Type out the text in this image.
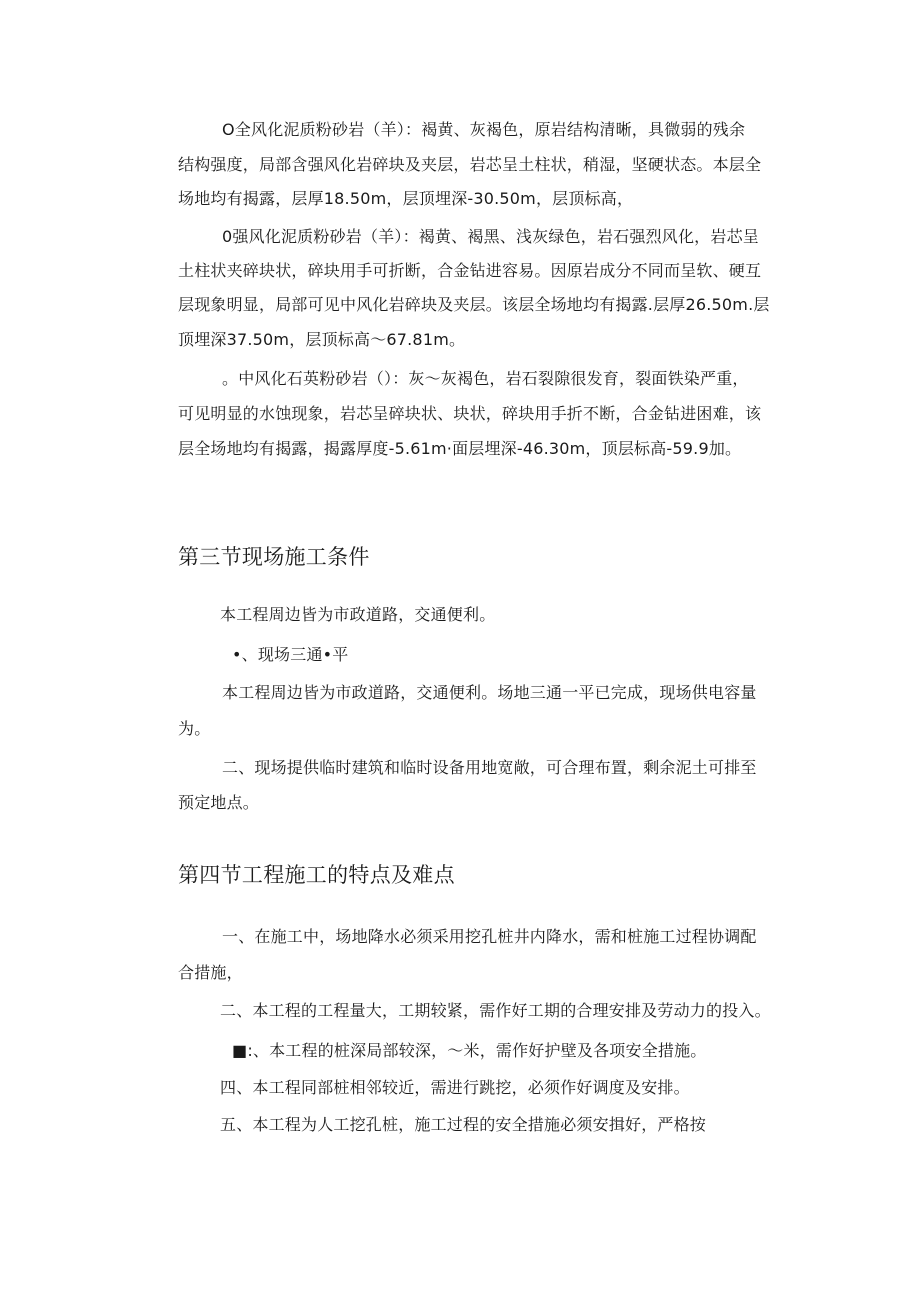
O全风化泥质粉砂岩（羊）：褐黄、灰褐色，原岩结构清晰，具微弱的残余

结构强度，局部含强风化岩碎块及夹层，岩芯呈土柱状，稍湿，坚硬状态。本层全

场地均有揭露，层厚18.50m，层顶埋深-30.50m，层顶标高，

0强风化泥质粉砂岩（羊）：褐黄、褐黑、浅灰绿色，岩石强烈风化，岩芯呈

土柱状夹碎块状，碎块用手可折断，合金钻进容易。因原岩成分不同而呈软、硬互

层现象明显，局部可见中风化岩碎块及夹层。该层全场地均有揭露.层厚26.50m.层

顶埋深37.50m，层顶标高～67.81m。

。中风化石英粉砂岩（）：灰～灰褐色，岩石裂隙很发育，裂面铁染严重，

可见明显的水蚀现象，岩芯呈碎块状、块状，碎块用手折不断，合金钻进困难，该

层全场地均有揭露，揭露厚度-5.61m·面层埋深-46.30m，顶层标高-59.9加。

第三节现场施工条件

本工程周边皆为市政道路，交通便利。

•、现场三通•平

本工程周边皆为市政道路，交通便利。场地三通一平已完成，现场供电容量

为。

二、现场提供临时建筑和临时设备用地宽敞，可合理布置，剩余泥土可排至

预定地点。

第四节工程施工的特点及难点

一、在施工中，场地降水必须采用挖孔桩井内降水，需和桩施工过程协调配

合措施，

二、本工程的工程量大，工期较紧，需作好工期的合理安排及劳动力的投入。

■:、本工程的桩深局部较深，～米，需作好护壁及各项安全措施。

四、本工程同部桩相邻较近，需进行跳挖，必须作好调度及安排。

五、本工程为人工挖孔桩，施工过程的安全措施必须安揖好，严格按
